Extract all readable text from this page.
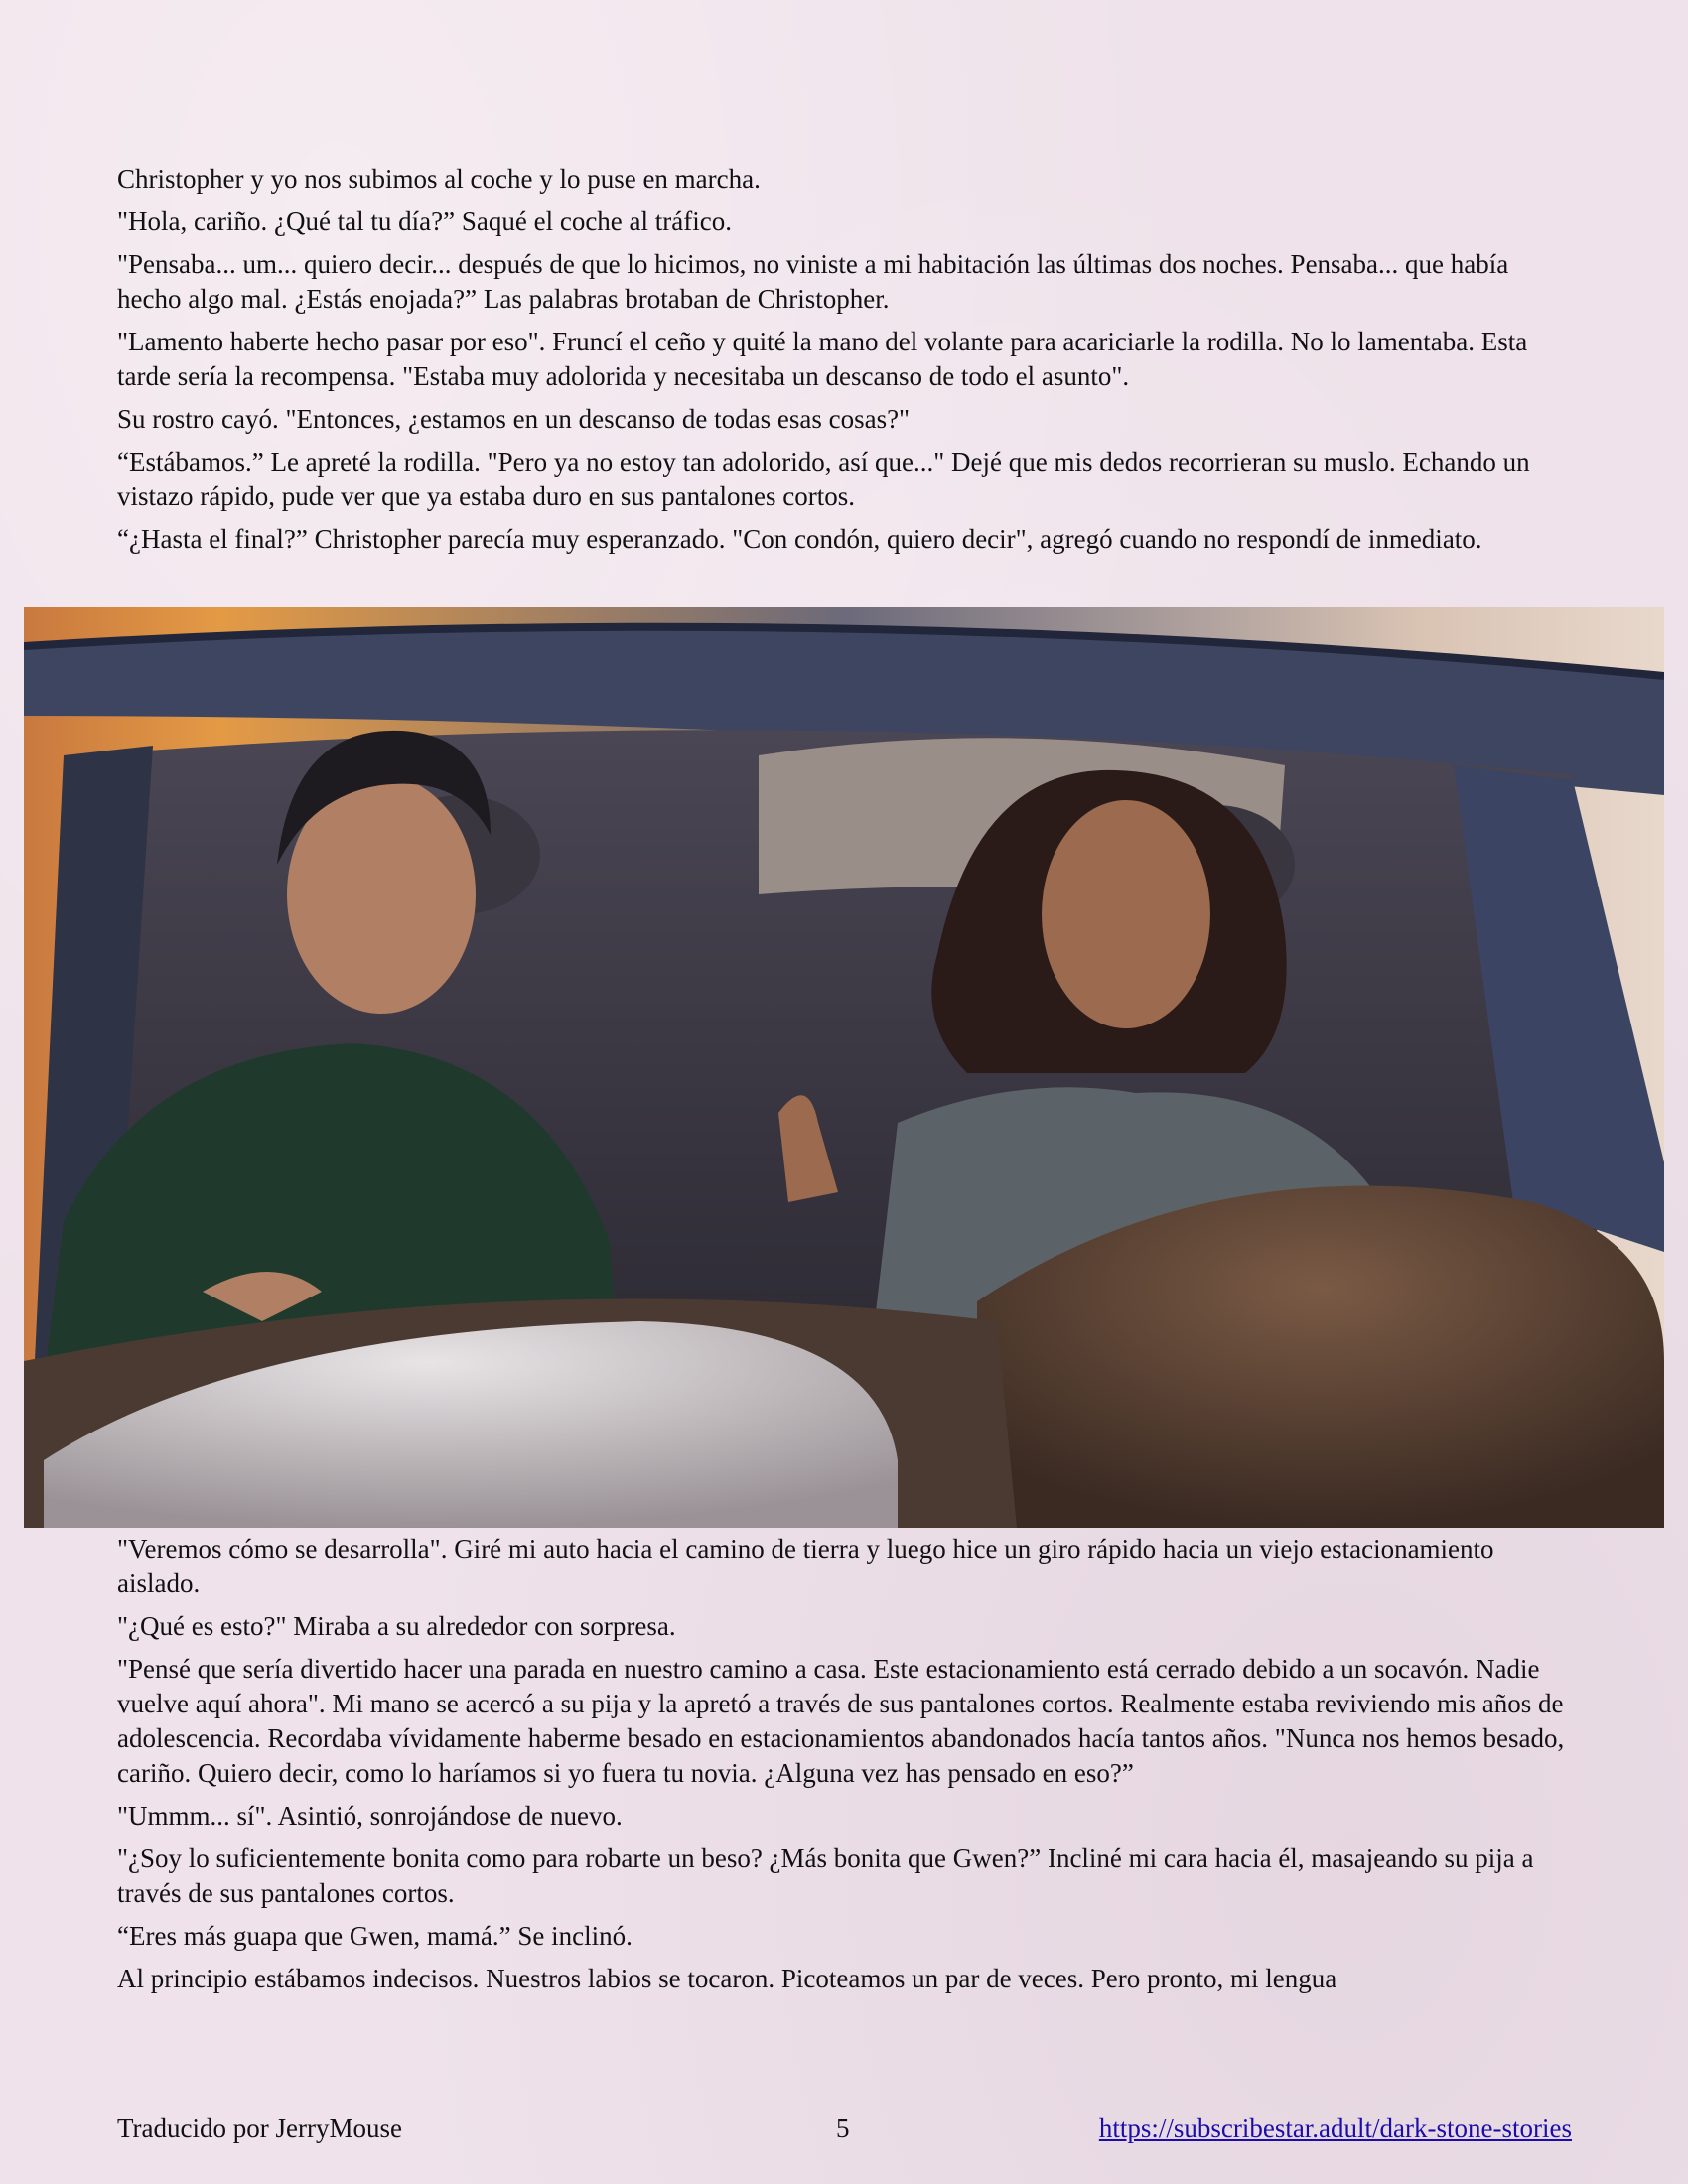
Christopher y yo nos subimos al coche y lo puse en marcha.

"Hola, cariño. ¿Qué tal tu día?” Saqué el coche al tráfico.

"Pensaba... um... quiero decir... después de que lo hicimos, no viniste a mi habitación las últimas dos noches. Pensaba... que había hecho algo mal. ¿Estás enojada?” Las palabras brotaban de Christopher.

"Lamento haberte hecho pasar por eso". Fruncí el ceño y quité la mano del volante para acariciarle la rodilla. No lo lamentaba. Esta tarde sería la recompensa. "Estaba muy adolorida y necesitaba un descanso de todo el asunto".

Su rostro cayó. "Entonces, ¿estamos en un descanso de todas esas cosas?"

“Estábamos.” Le apreté la rodilla. "Pero ya no estoy tan adolorido, así que..." Dejé que mis dedos recorrieran su muslo. Echando un vistazo rápido, pude ver que ya estaba duro en sus pantalones cortos.

“¿Hasta el final?” Christopher parecía muy esperanzado. "Con condón, quiero decir", agregó cuando no respondí de inmediato.

"Veremos cómo se desarrolla". Giré mi auto hacia el camino de tierra y luego hice un giro rápido hacia un viejo estacionamiento aislado.

"¿Qué es esto?" Miraba a su alrededor con sorpresa.

"Pensé que sería divertido hacer una parada en nuestro camino a casa. Este estacionamiento está cerrado debido a un socavón. Nadie vuelve aquí ahora". Mi mano se acercó a su pija y la apretó a través de sus pantalones cortos. Realmente estaba reviviendo mis años de adolescencia. Recordaba vívidamente haberme besado en estacionamientos abandonados hacía tantos años. "Nunca nos hemos besado, cariño. Quiero decir, como lo haríamos si yo fuera tu novia. ¿Alguna vez has pensado en eso?”

"Ummm... sí". Asintió, sonrojándose de nuevo.

"¿Soy lo suficientemente bonita como para robarte un beso? ¿Más bonita que Gwen?” Incliné mi cara hacia él, masajeando su pija a través de sus pantalones cortos.

“Eres más guapa que Gwen, mamá.” Se inclinó.

Al principio estábamos indecisos. Nuestros labios se tocaron. Picoteamos un par de veces. Pero pronto, mi lengua

Traducido por JerryMouse	5	https://subscribestar.adult/dark-stone-stories
